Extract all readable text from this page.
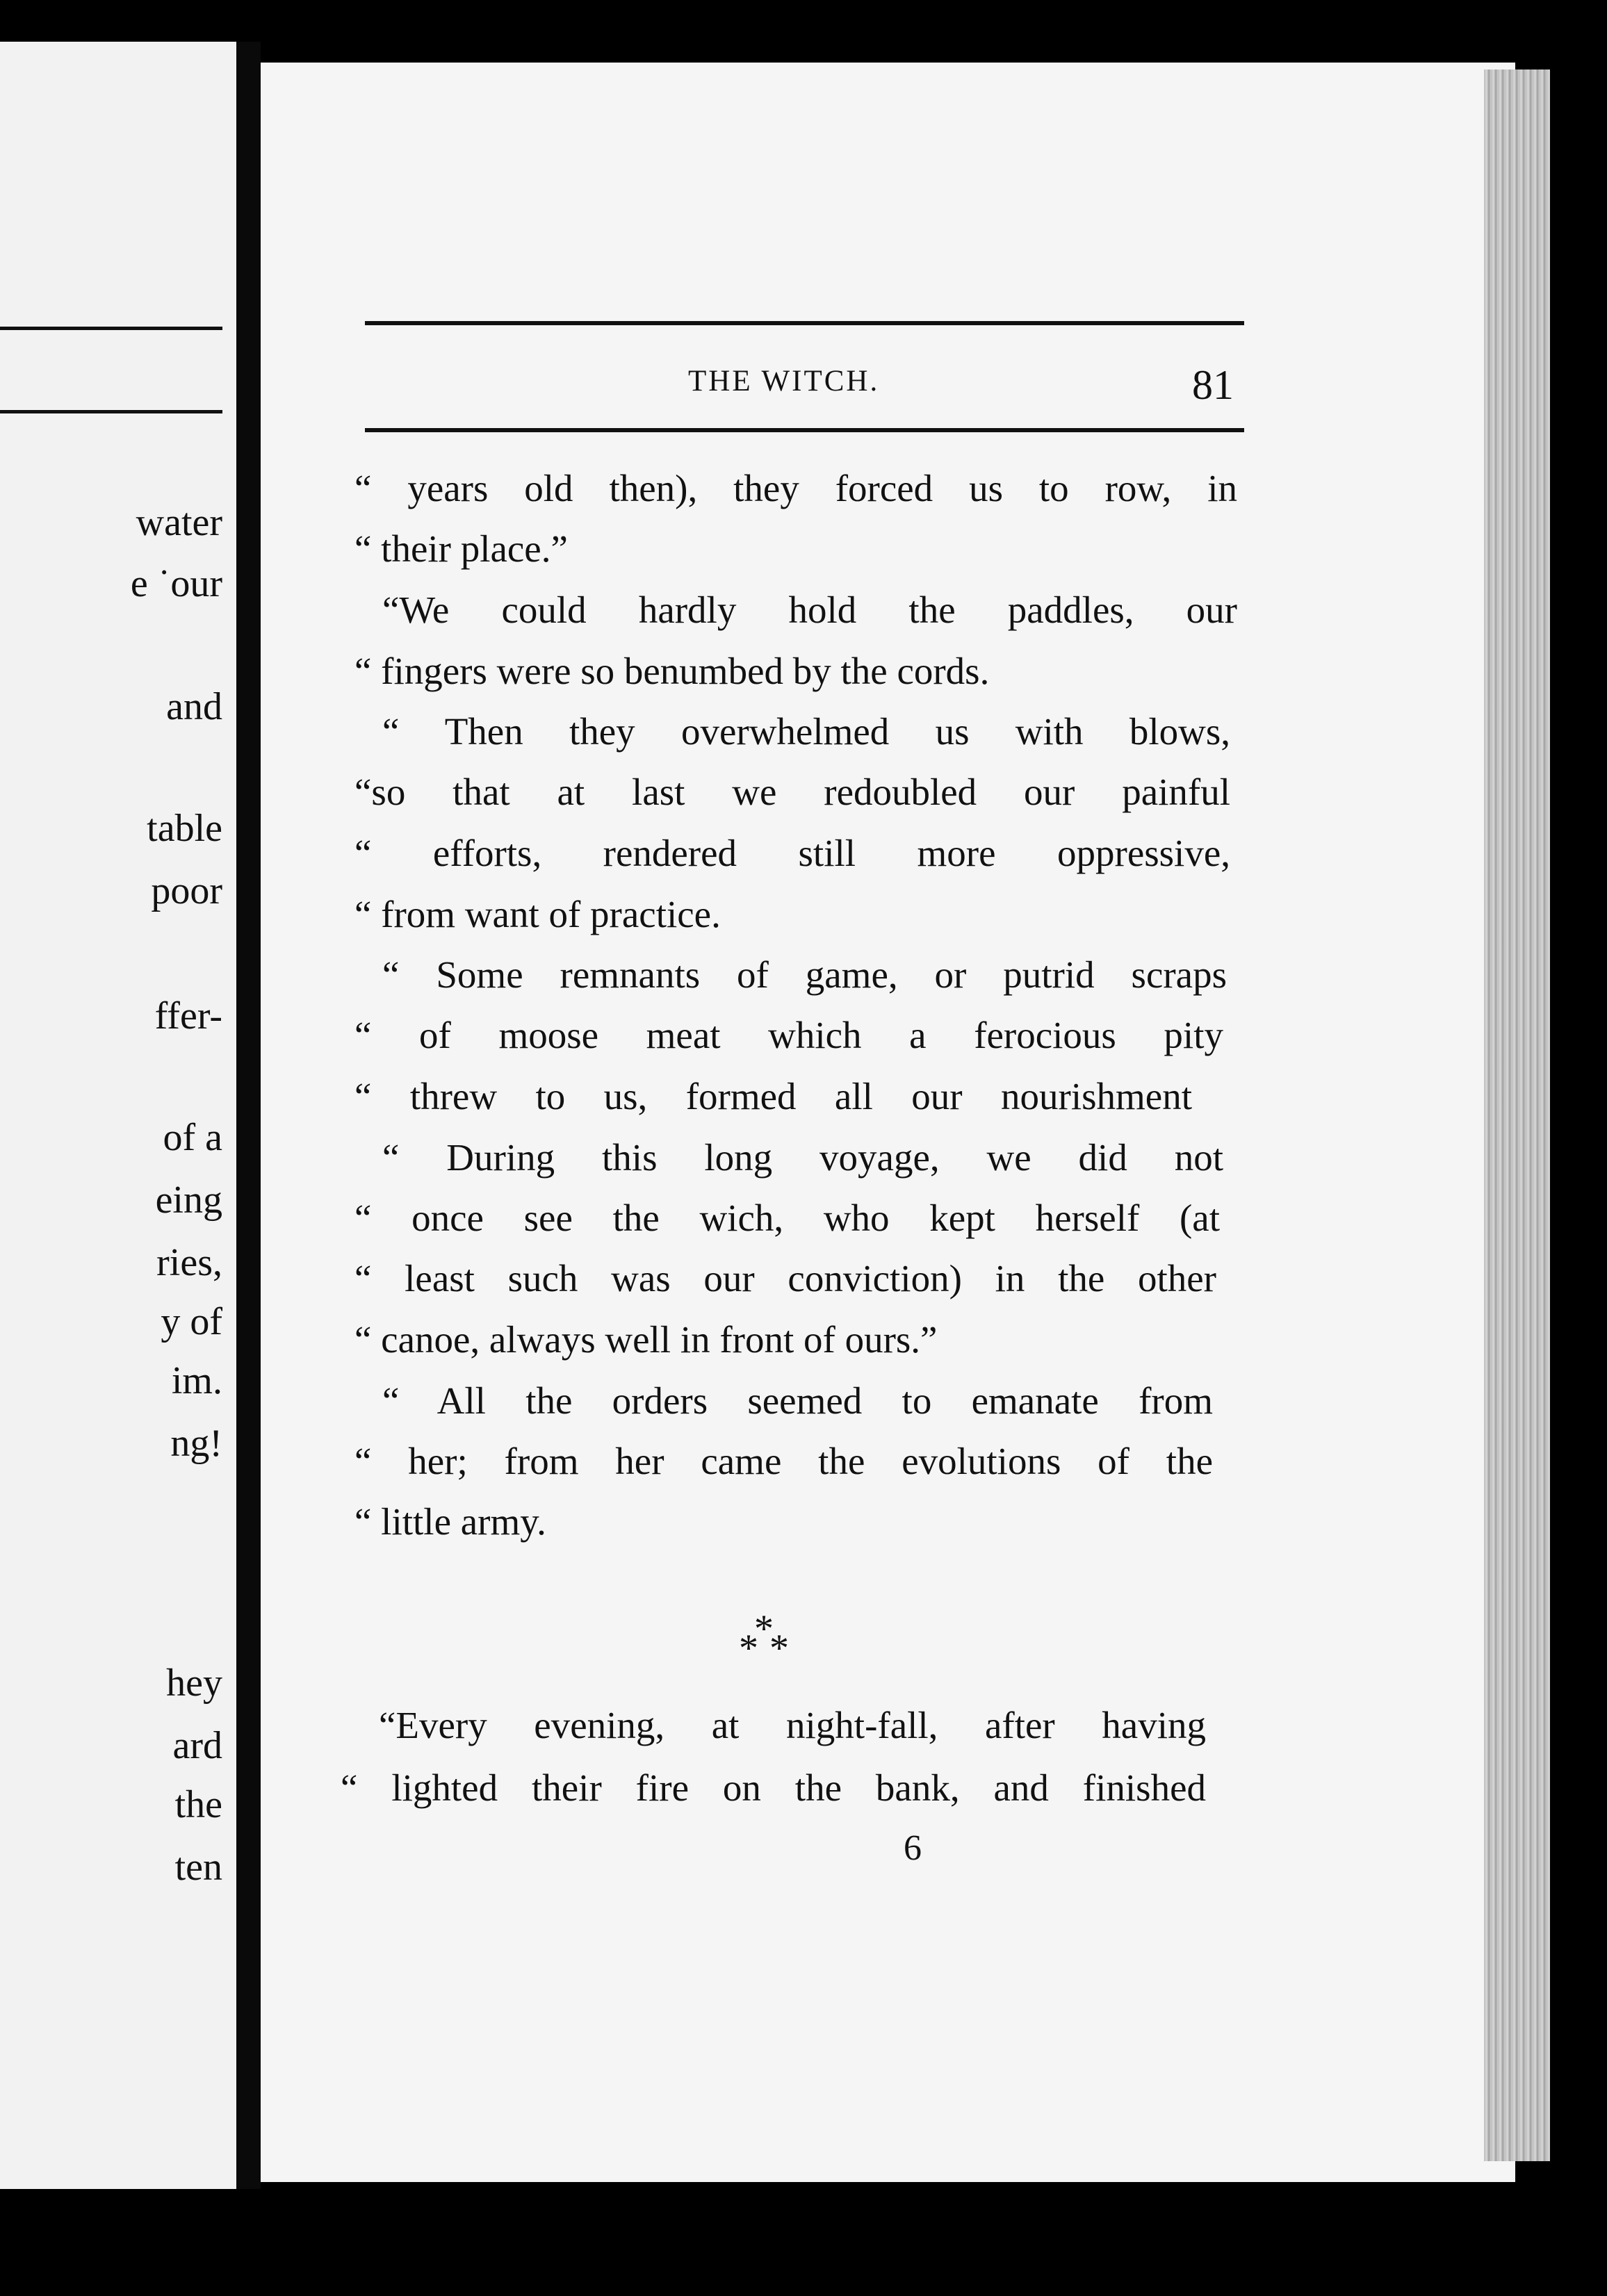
water
e ˙our
and
table
poor
ffer-
of a
eing
ries,
y of
im.
ng!
hey
ard
the
ten
THE WITCH.	81
“ years old then), they forced us to row, in
“ their place.”
“We could hardly hold the paddles, our
“ fingers were so benumbed by the cords.
“ Then they overwhelmed us with blows,
“so that at last we redoubled our painful
“ efforts, rendered still more oppressive,
“ from want of practice.
“ Some remnants of game, or putrid scraps
“ of moose meat which a ferocious pity
“ threw to us, formed all our nourishment
“ During this long voyage, we did not
“ once see the wich, who kept herself (at
“ least such was our conviction) in the other
“ canoe, always well in front of ours.”
“ All the orders seemed to emanate from
“ her; from her came the evolutions of the
“ little army.
*
*
*
“Every evening, at night-fall, after having
“ lighted their fire on the bank, and finished
6
